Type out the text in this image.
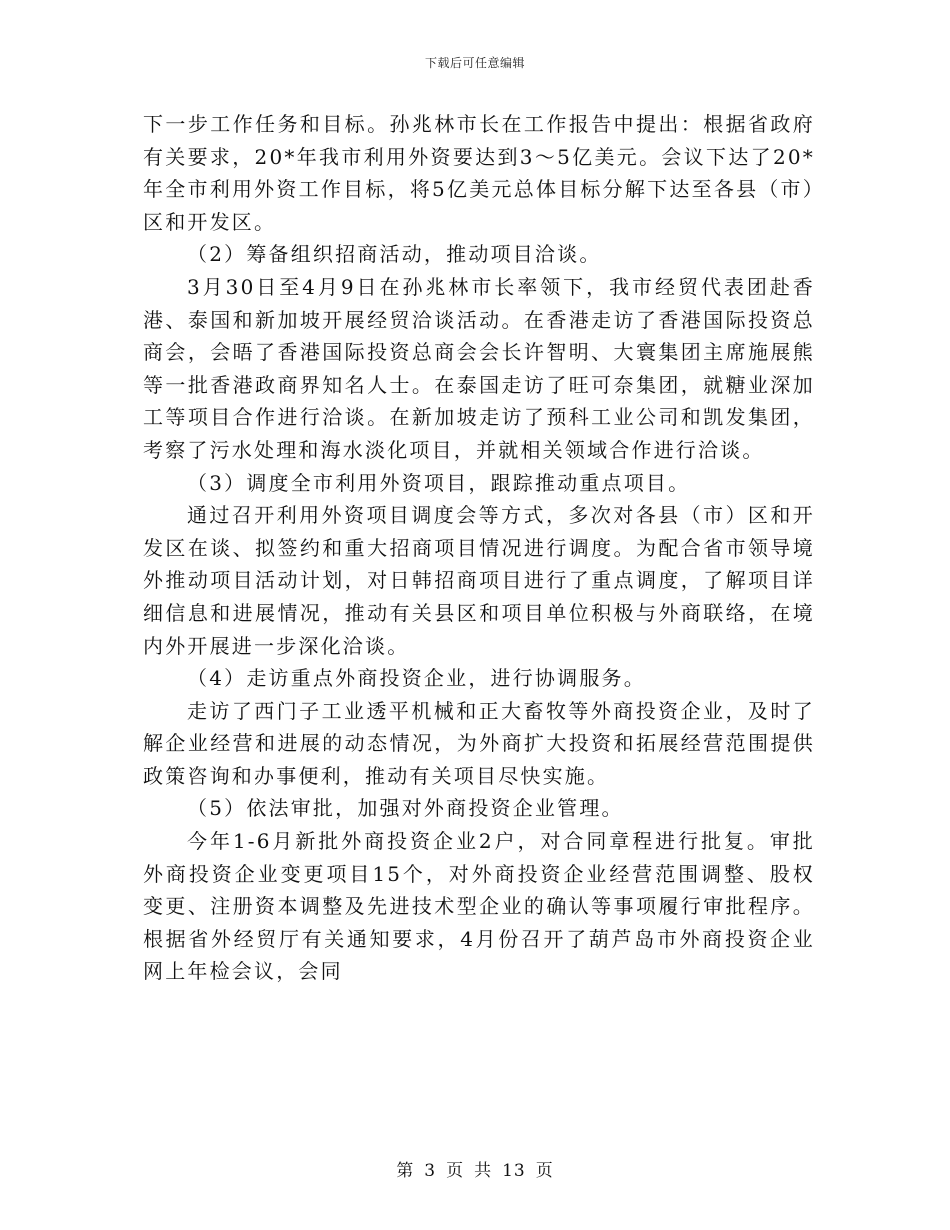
下载后可任意编辑

下一步工作任务和目标。孙兆林市长在工作报告中提出：根据省政府有关要求，20*年我市利用外资要达到3～5亿美元。会议下达了20*年全市利用外资工作目标，将5亿美元总体目标分解下达至各县（市）区和开发区。

（2）筹备组织招商活动，推动项目洽谈。

3月30日至4月9日在孙兆林市长率领下，我市经贸代表团赴香港、泰国和新加坡开展经贸洽谈活动。在香港走访了香港国际投资总商会，会晤了香港国际投资总商会会长许智明、大寰集团主席施展熊等一批香港政商界知名人士。在泰国走访了旺可奈集团，就糖业深加工等项目合作进行洽谈。在新加坡走访了预科工业公司和凯发集团，考察了污水处理和海水淡化项目，并就相关领域合作进行洽谈。

（3）调度全市利用外资项目，跟踪推动重点项目。

通过召开利用外资项目调度会等方式，多次对各县（市）区和开发区在谈、拟签约和重大招商项目情况进行调度。为配合省市领导境外推动项目活动计划，对日韩招商项目进行了重点调度，了解项目详细信息和进展情况，推动有关县区和项目单位积极与外商联络，在境内外开展进一步深化洽谈。

（4）走访重点外商投资企业，进行协调服务。

走访了西门子工业透平机械和正大畜牧等外商投资企业，及时了解企业经营和进展的动态情况，为外商扩大投资和拓展经营范围提供政策咨询和办事便利，推动有关项目尽快实施。

（5）依法审批，加强对外商投资企业管理。

今年1-6月新批外商投资企业2户，对合同章程进行批复。审批外商投资企业变更项目15个，对外商投资企业经营范围调整、股权变更、注册资本调整及先进技术型企业的确认等事项履行审批程序。根据省外经贸厅有关通知要求，4月份召开了葫芦岛市外商投资企业网上年检会议，会同

第 3 页 共 13 页
